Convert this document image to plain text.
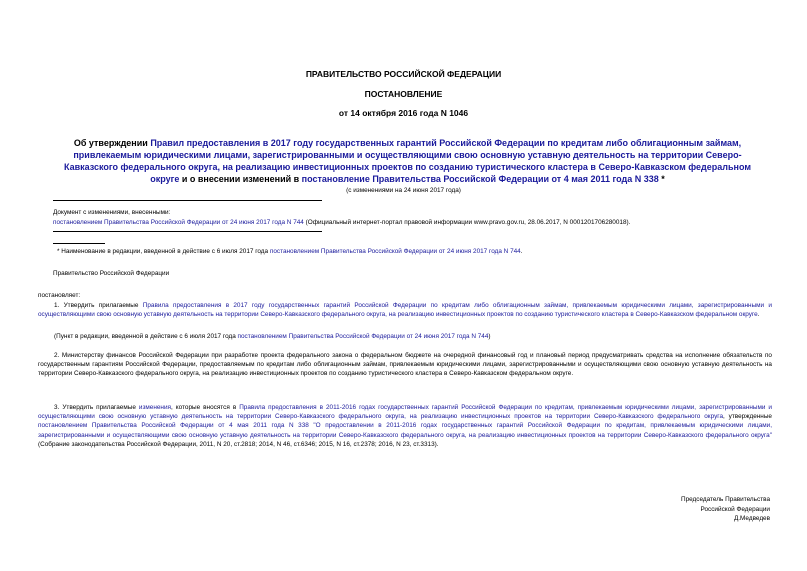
ПРАВИТЕЛЬСТВО РОССИЙСКОЙ ФЕДЕРАЦИИ
ПОСТАНОВЛЕНИЕ
от 14 октября 2016 года N 1046
Об утверждении Правил предоставления в 2017 году государственных гарантий Российской Федерации по кредитам либо облигационным займам, привлекаемым юридическими лицами, зарегистрированными и осуществляющими свою основную уставную деятельность на территории Северо-Кавказского федерального округа, на реализацию инвестиционных проектов по созданию туристического кластера в Северо-Кавказском федеральном округе и о внесении изменений в постановление Правительства Российской Федерации от 4 мая 2011 года N 338 *
(с изменениями на 24 июня 2017 года)
Документ с изменениями, внесенными:
постановлением Правительства Российской Федерации от 24 июня 2017 года N 744 (Официальный интернет-портал правовой информации www.pravo.gov.ru, 28.06.2017, N 0001201706280018).
* Наименование в редакции, введенной в действие с 6 июля 2017 года постановлением Правительства Российской Федерации от 24 июня 2017 года N 744.
Правительство Российской Федерации
постановляет:
1. Утвердить прилагаемые Правила предоставления в 2017 году государственных гарантий Российской Федерации по кредитам либо облигационным займам, привлекаемым юридическими лицами, зарегистрированными и осуществляющими свою основную уставную деятельность на территории Северо-Кавказского федерального округа, на реализацию инвестиционных проектов по созданию туристического кластера в Северо-Кавказском федеральном округе.
(Пункт в редакции, введенной в действие с 6 июля 2017 года постановлением Правительства Российской Федерации от 24 июня 2017 года N 744)
2. Министерству финансов Российской Федерации при разработке проекта федерального закона о федеральном бюджете на очередной финансовый год и плановый период предусматривать средства на исполнение обязательств по государственным гарантиям Российской Федерации, предоставляемым по кредитам либо облигационным займам, привлекаемым юридическими лицами, зарегистрированными и осуществляющими свою основную уставную деятельность на территории Северо-Кавказского федерального округа, на реализацию инвестиционных проектов по созданию туристического кластера в Северо-Кавказском федеральном округе.
3. Утвердить прилагаемые изменения, которые вносятся в Правила предоставления в 2011-2016 годах государственных гарантий Российской Федерации по кредитам, привлекаемым юридическими лицами, зарегистрированными и осуществляющими свою основную уставную деятельность на территории Северо-Кавказского федерального округа, на реализацию инвестиционных проектов на территории Северо-Кавказского федерального округа, утвержденные постановлением Правительства Российской Федерации от 4 мая 2011 года N 338 "О предоставлении в 2011-2016 годах государственных гарантий Российской Федерации по кредитам, привлекаемым юридическими лицами, зарегистрированными и осуществляющими свою основную уставную деятельность на территории Северо-Кавказского федерального округа, на реализацию инвестиционных проектов на территории Северо-Кавказского федерального округа" (Собрание законодательства Российской Федерации, 2011, N 20, ст.2818; 2014, N 46, ст.6346; 2015, N 16, ст.2378; 2016, N 23, ст.3313).
Председатель Правительства
Российской Федерации
Д.Медведев
